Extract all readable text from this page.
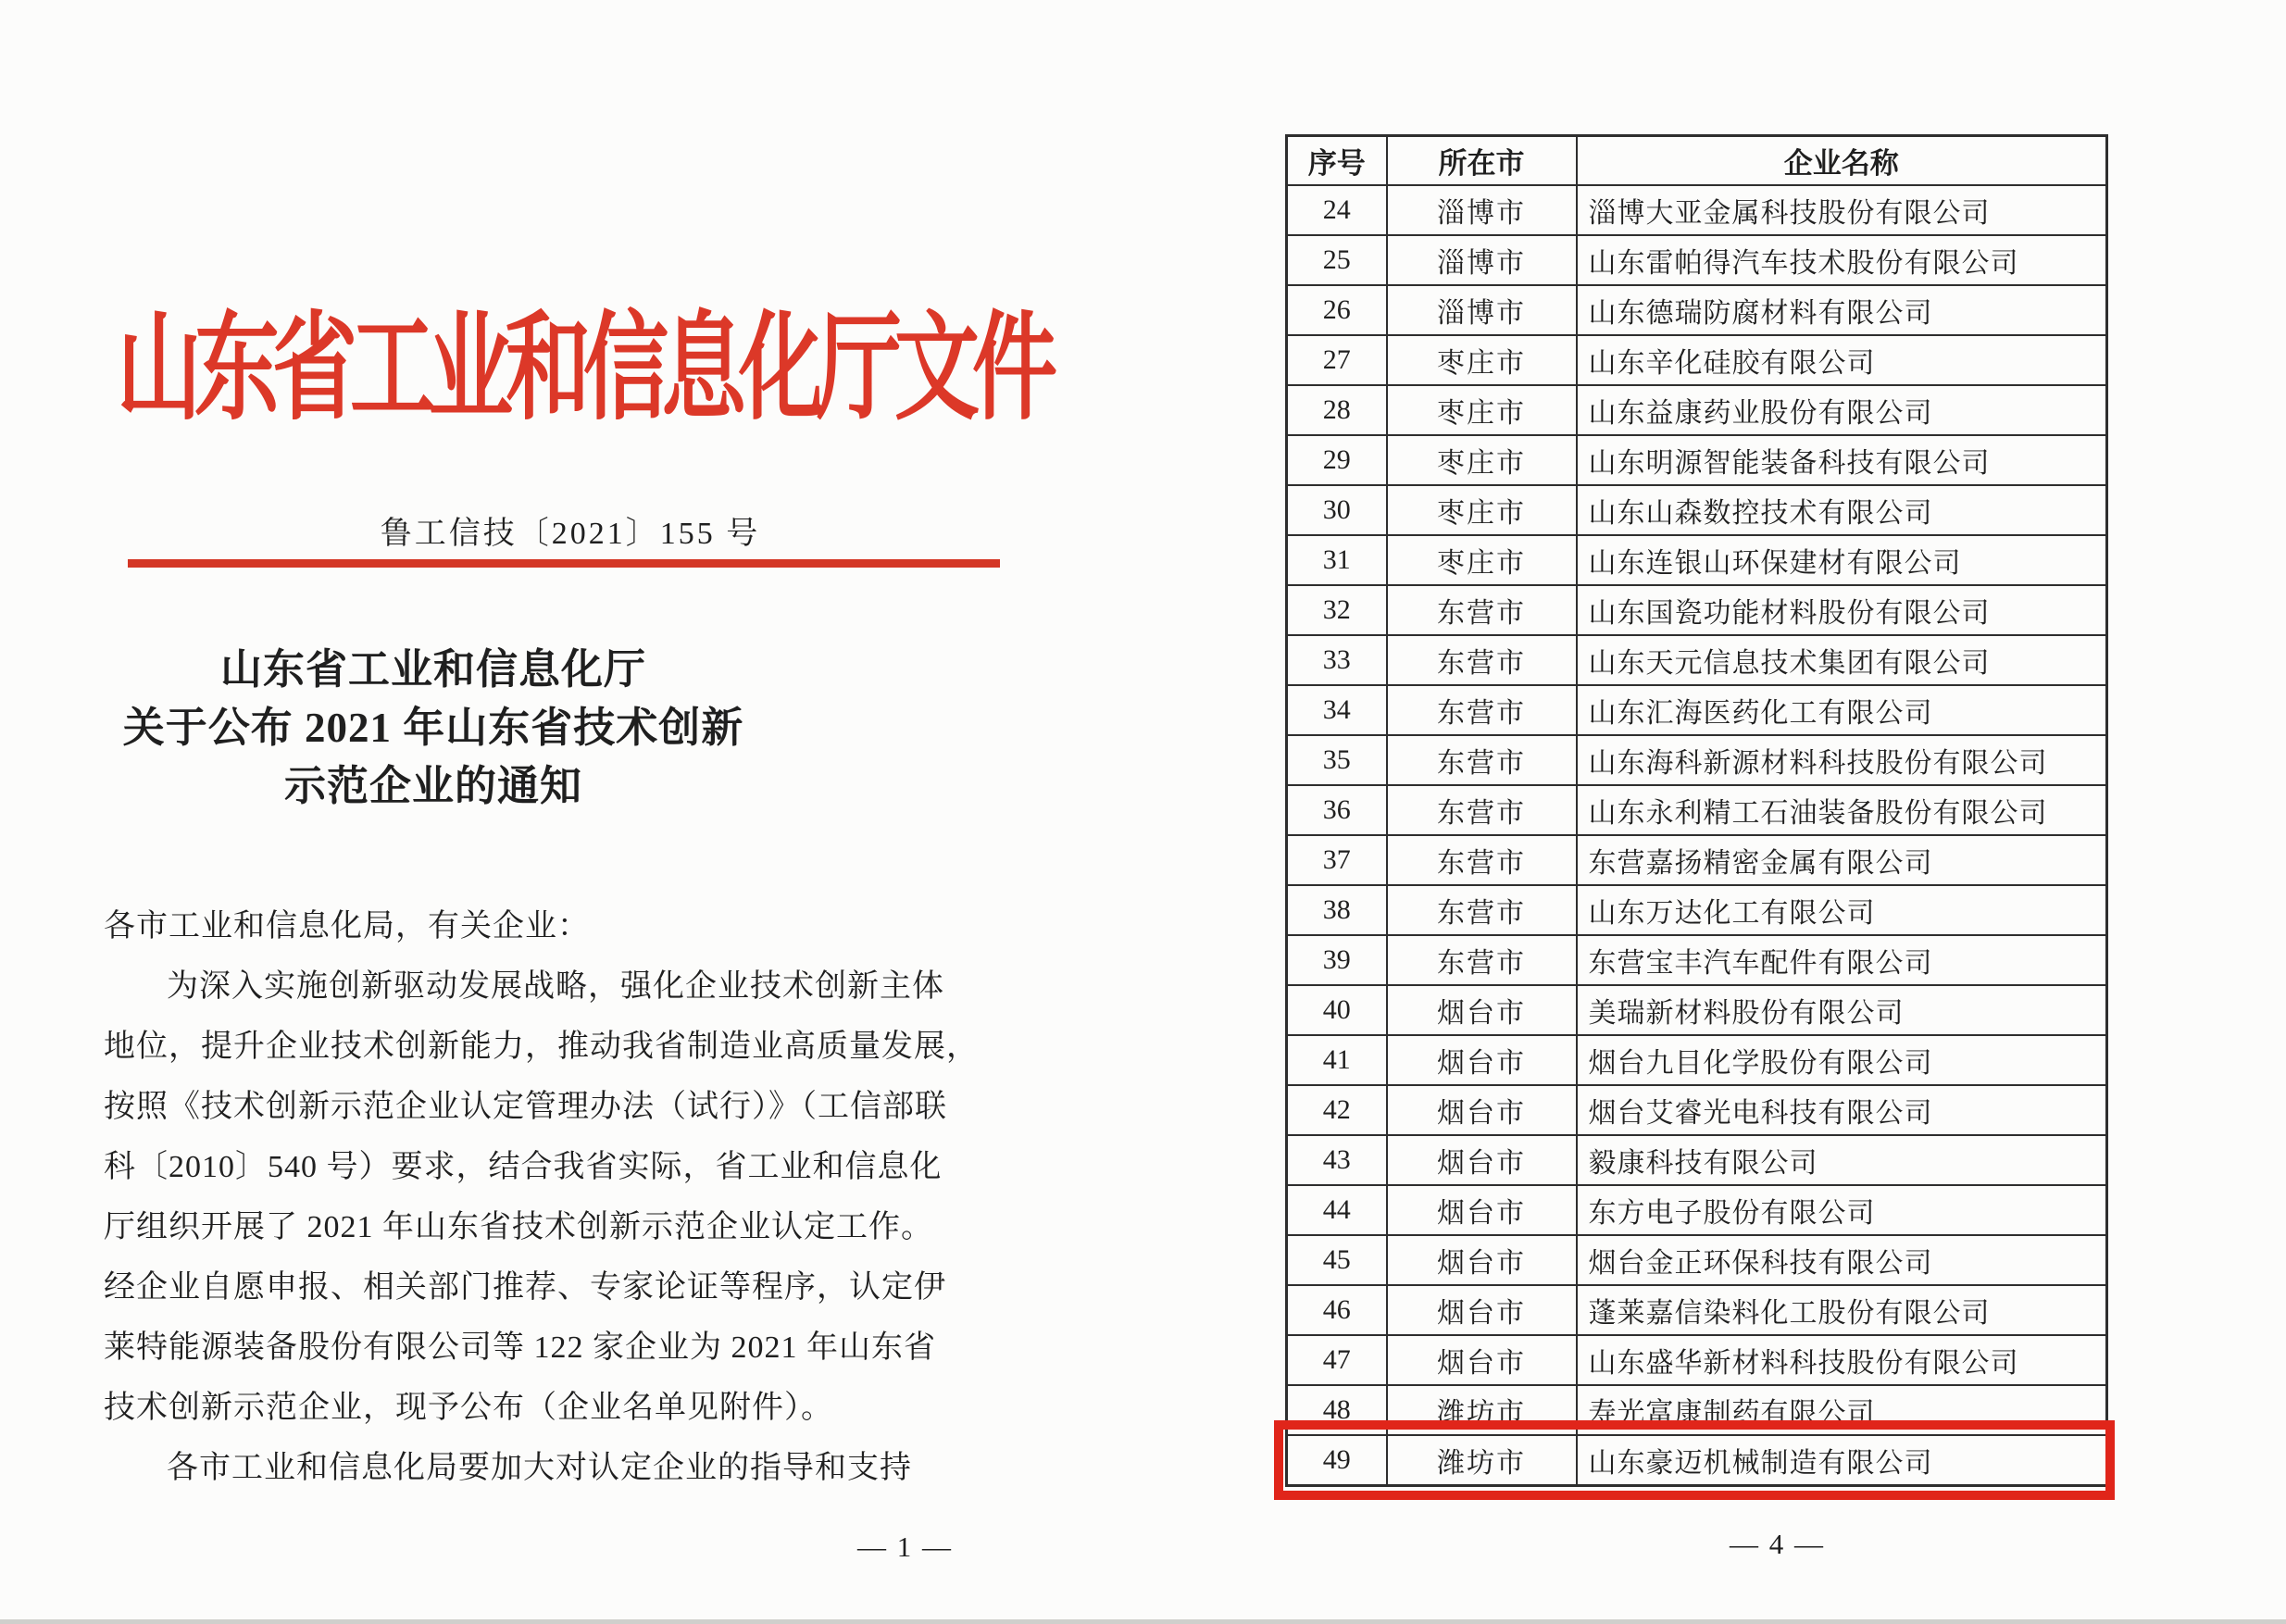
山东省工业和信息化厅文件
鲁工信技〔2021〕155 号
山东省工业和信息化厅
关于公布 2021 年山东省技术创新
示范企业的通知
各市工业和信息化局，有关企业：
为深入实施创新驱动发展战略，强化企业技术创新主体
地位，提升企业技术创新能力，推动我省制造业高质量发展，
按照《技术创新示范企业认定管理办法（试行）》（工信部联
科〔2010〕540 号）要求，结合我省实际，省工业和信息化
厅组织开展了 2021 年山东省技术创新示范企业认定工作。
经企业自愿申报、相关部门推荐、专家论证等程序，认定伊
莱特能源装备股份有限公司等 122 家企业为 2021 年山东省
技术创新示范企业，现予公布（企业名单见附件）。
各市工业和信息化局要加大对认定企业的指导和支持
— 1 —
序号	所在市	企业名称
24	淄博市	淄博大亚金属科技股份有限公司
25	淄博市	山东雷帕得汽车技术股份有限公司
26	淄博市	山东德瑞防腐材料有限公司
27	枣庄市	山东辛化硅胶有限公司
28	枣庄市	山东益康药业股份有限公司
29	枣庄市	山东明源智能装备科技有限公司
30	枣庄市	山东山森数控技术有限公司
31	枣庄市	山东连银山环保建材有限公司
32	东营市	山东国瓷功能材料股份有限公司
33	东营市	山东天元信息技术集团有限公司
34	东营市	山东汇海医药化工有限公司
35	东营市	山东海科新源材料科技股份有限公司
36	东营市	山东永利精工石油装备股份有限公司
37	东营市	东营嘉扬精密金属有限公司
38	东营市	山东万达化工有限公司
39	东营市	东营宝丰汽车配件有限公司
40	烟台市	美瑞新材料股份有限公司
41	烟台市	烟台九目化学股份有限公司
42	烟台市	烟台艾睿光电科技有限公司
43	烟台市	毅康科技有限公司
44	烟台市	东方电子股份有限公司
45	烟台市	烟台金正环保科技有限公司
46	烟台市	蓬莱嘉信染料化工股份有限公司
47	烟台市	山东盛华新材料科技股份有限公司
48	潍坊市	寿光富康制药有限公司
49	潍坊市	山东豪迈机械制造有限公司
— 4 —
